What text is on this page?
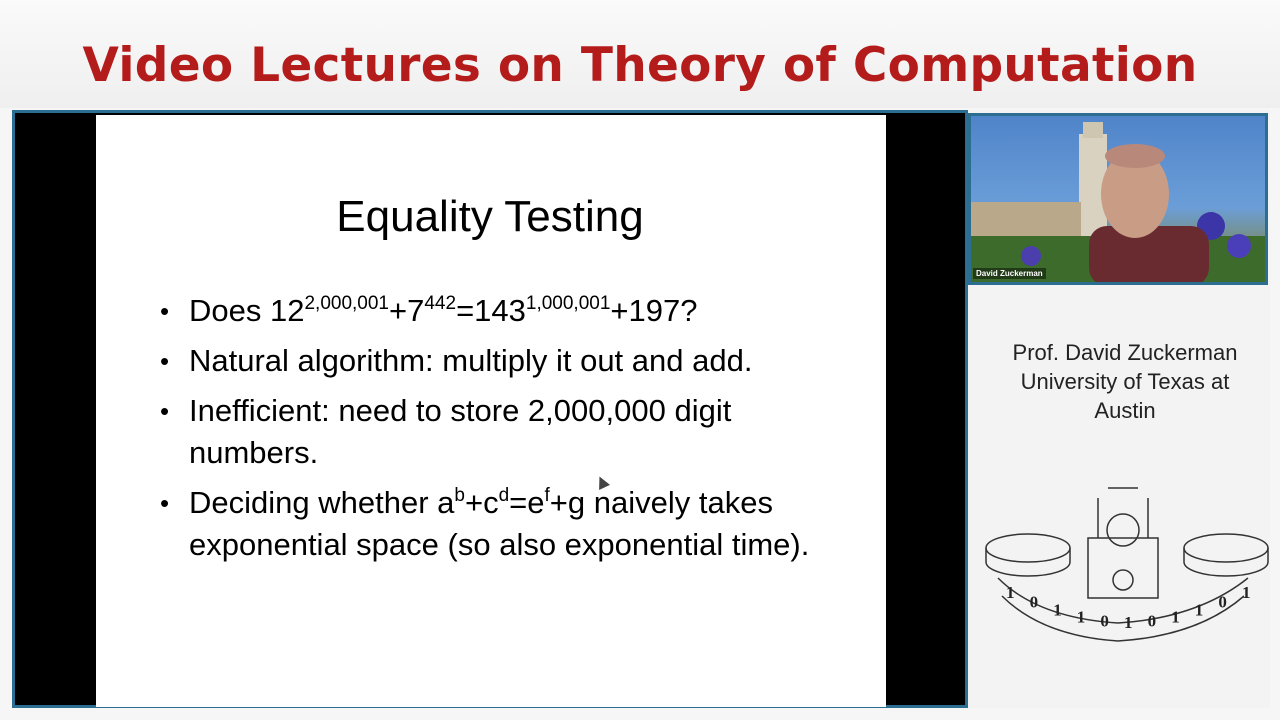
Video Lectures on Theory of Computation
Equality Testing
• Does $12^{2,000,001}+7^{442}=143^{1,000,001}+197$?
• Natural algorithm: multiply it out and add.
• Inefficient: need to store 2,000,000 digit numbers.
• Deciding whether $a^b+c^d=e^f+g$ naively takes exponential space (so also exponential time).
David Zuckerman
Prof. David Zuckerman
University of Texas at
Austin
1 0 1 1 0 1 0 1 1 0 1
